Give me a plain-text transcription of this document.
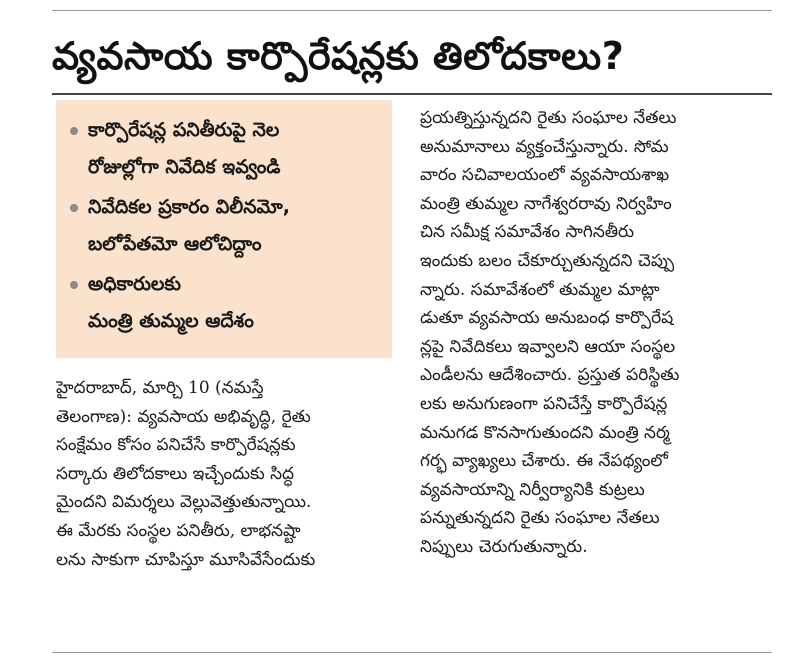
వ్యవసాయ కార్పొరేషన్లకు తిలోదకాలు?
కార్పొరేషన్ల పనితీరుపై నెల
రోజుల్లోగా నివేదిక ఇవ్వండి
నివేదికల ప్రకారం విలీనమో,
బలోపేతమో ఆలోచిద్దాం
అధికారులకు
మంత్రి తుమ్మల ఆదేశం
హైదరాబాద్, మార్చి 10 (నమస్తే
తెలంగాణ): వ్యవసాయ అభివృద్ధి, రైతు
సంక్షేమం కోసం పనిచేసే కార్పొరేషన్లకు
సర్కారు తిలోదకాలు ఇచ్చేందుకు సిద్ధ
మైందని విమర్శలు వెల్లువెత్తుతున్నాయి.
ఈ మేరకు సంస్థల పనితీరు, లాభనష్టా
లను సాకుగా చూపిస్తూ మూసివేసేందుకు
ప్రయత్నిస్తున్నదని రైతు సంఘాల నేతలు
అనుమానాలు వ్యక్తంచేస్తున్నారు. సోమ
వారం సచివాలయంలో వ్యవసాయశాఖ
మంత్రి తుమ్మల నాగేశ్వరరావు నిర్వహిం
చిన సమీక్ష సమావేశం సాగినతీరు
ఇందుకు బలం చేకూర్చుతున్నదని చెప్పు
న్నారు. సమావేశంలో తుమ్మల మాట్లా
డుతూ వ్యవసాయ అనుబంధ కార్పొరేష
న్లపై నివేదికలు ఇవ్వాలని ఆయా సంస్థల
ఎండీలను ఆదేశించారు. ప్రస్తుత పరిస్థితు
లకు అనుగుణంగా పనిచేస్తే కార్పొరేషన్ల
మనుగడ కొనసాగుతుందని మంత్రి నర్మ
గర్భ వ్యాఖ్యలు చేశారు. ఈ నేపథ్యంలో
వ్యవసాయాన్ని నిర్వీర్యానికి కుట్రలు
పన్నుతున్నదని రైతు సంఘాల నేతలు
నిప్పులు చెరుగుతున్నారు.
